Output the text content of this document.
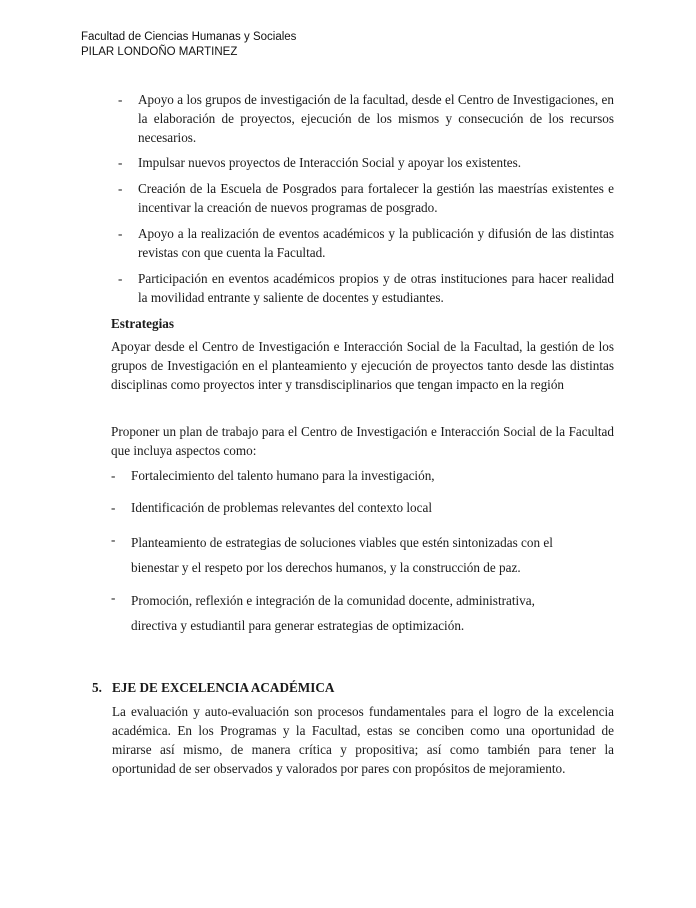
Facultad de Ciencias Humanas y Sociales
PILAR LONDOÑO MARTINEZ
- Apoyo a los grupos de investigación de la facultad, desde el Centro de Investigaciones, en la elaboración de proyectos, ejecución de los mismos y consecución de los recursos necesarios.
- Impulsar nuevos proyectos de Interacción Social y apoyar los existentes.
- Creación de la Escuela de Posgrados para fortalecer la gestión las maestrías existentes e incentivar la creación de nuevos programas de posgrado.
- Apoyo a la realización de eventos académicos y la publicación y difusión de las distintas revistas con que cuenta la Facultad.
- Participación en eventos académicos propios y de otras instituciones para hacer realidad la movilidad entrante y saliente de docentes y estudiantes.
Estrategias
Apoyar desde el Centro de Investigación e Interacción Social de la Facultad, la gestión de los grupos de Investigación en el planteamiento y ejecución de proyectos tanto desde las distintas disciplinas como proyectos inter y transdisciplinarios que tengan impacto en la región
Proponer un plan de trabajo para el Centro de Investigación e Interacción Social de la Facultad que incluya aspectos como:
- Fortalecimiento del talento humano para la investigación,
- Identificación de problemas relevantes del contexto local
- Planteamiento de estrategias de soluciones viables que estén sintonizadas con el bienestar y el respeto por los derechos humanos, y la construcción de paz.
- Promoción, reflexión e integración de la comunidad docente, administrativa, directiva y estudiantil para generar estrategias de optimización.
5. EJE DE EXCELENCIA ACADÉMICA
La evaluación y auto-evaluación son procesos fundamentales para el logro de la excelencia académica. En los Programas y la Facultad, estas se conciben como una oportunidad de mirarse así mismo, de manera crítica y propositiva; así como también para tener la oportunidad de ser observados y valorados por pares con propósitos de mejoramiento.
